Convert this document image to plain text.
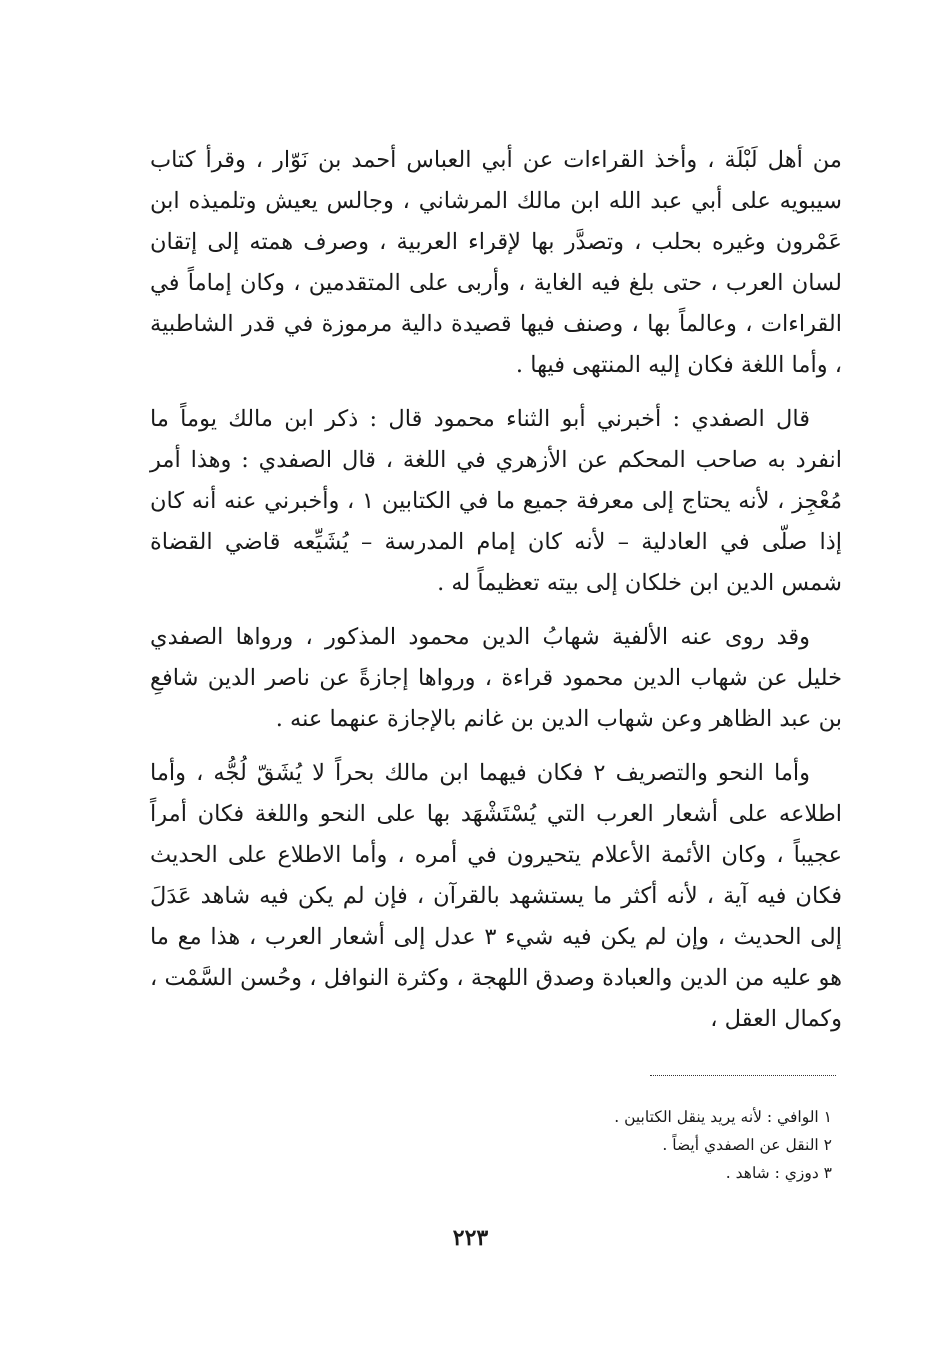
من أهل لَبْلَة ، وأخذ القراءات عن أبي العباس أحمد بن نَوّار ، وقرأ كتاب سيبويه على أبي عبد الله ابن مالك المرشاني ، وجالس يعيش وتلميذه ابن عَمْرون وغيره بحلب ، وتصدَّر بها لإقراء العربية ، وصرف همته إلى إتقان لسان العرب ، حتى بلغ فيه الغاية ، وأربى على المتقدمين ، وكان إماماً في القراءات ، وعالماً بها ، وصنف فيها قصيدة دالية مرموزة في قدر الشاطبية ، وأما اللغة فكان إليه المنتهى فيها .

قال الصفدي : أخبرني أبو الثناء محمود قال : ذكر ابن مالك يوماً ما انفرد به صاحب المحكم عن الأزهري في اللغة ، قال الصفدي : وهذا أمر مُعْجِز ، لأنه يحتاج إلى معرفة جميع ما في الكتابين ١ ، وأخبرني عنه أنه كان إذا صلّى في العادلية – لأنه كان إمام المدرسة – يُشَيِّعه قاضي القضاة شمس الدين ابن خلكان إلى بيته تعظيماً له .

وقد روى عنه الألفية شهابُ الدين محمود المذكور ، ورواها الصفدي خليل عن شهاب الدين محمود قراءة ، ورواها إجازةً عن ناصر الدين شافعِ بن عبد الظاهر وعن شهاب الدين بن غانم بالإجازة عنهما عنه .

وأما النحو والتصريف ٢ فكان فيهما ابن مالك بحراً لا يُشَقّ لُجُّه ، وأما اطلاعه على أشعار العرب التي يُسْتَشْهَد بها على النحو واللغة فكان أمراً عجيباً ، وكان الأئمة الأعلام يتحيرون في أمره ، وأما الاطلاع على الحديث فكان فيه آية ، لأنه أكثر ما يستشهد بالقرآن ، فإن لم يكن فيه شاهد عَدَلَ إلى الحديث ، وإن لم يكن فيه شيء ٣ عدل إلى أشعار العرب ، هذا مع ما هو عليه من الدين والعبادة وصدق اللهجة ، وكثرة النوافل ، وحُسن السَّمْت ، وكمال العقل ،

١ الوافي : لأنه يريد ينقل الكتابين .
٢ النقل عن الصفدي أيضاً .
٣ دوزي : شاهد .
٢٢٣
